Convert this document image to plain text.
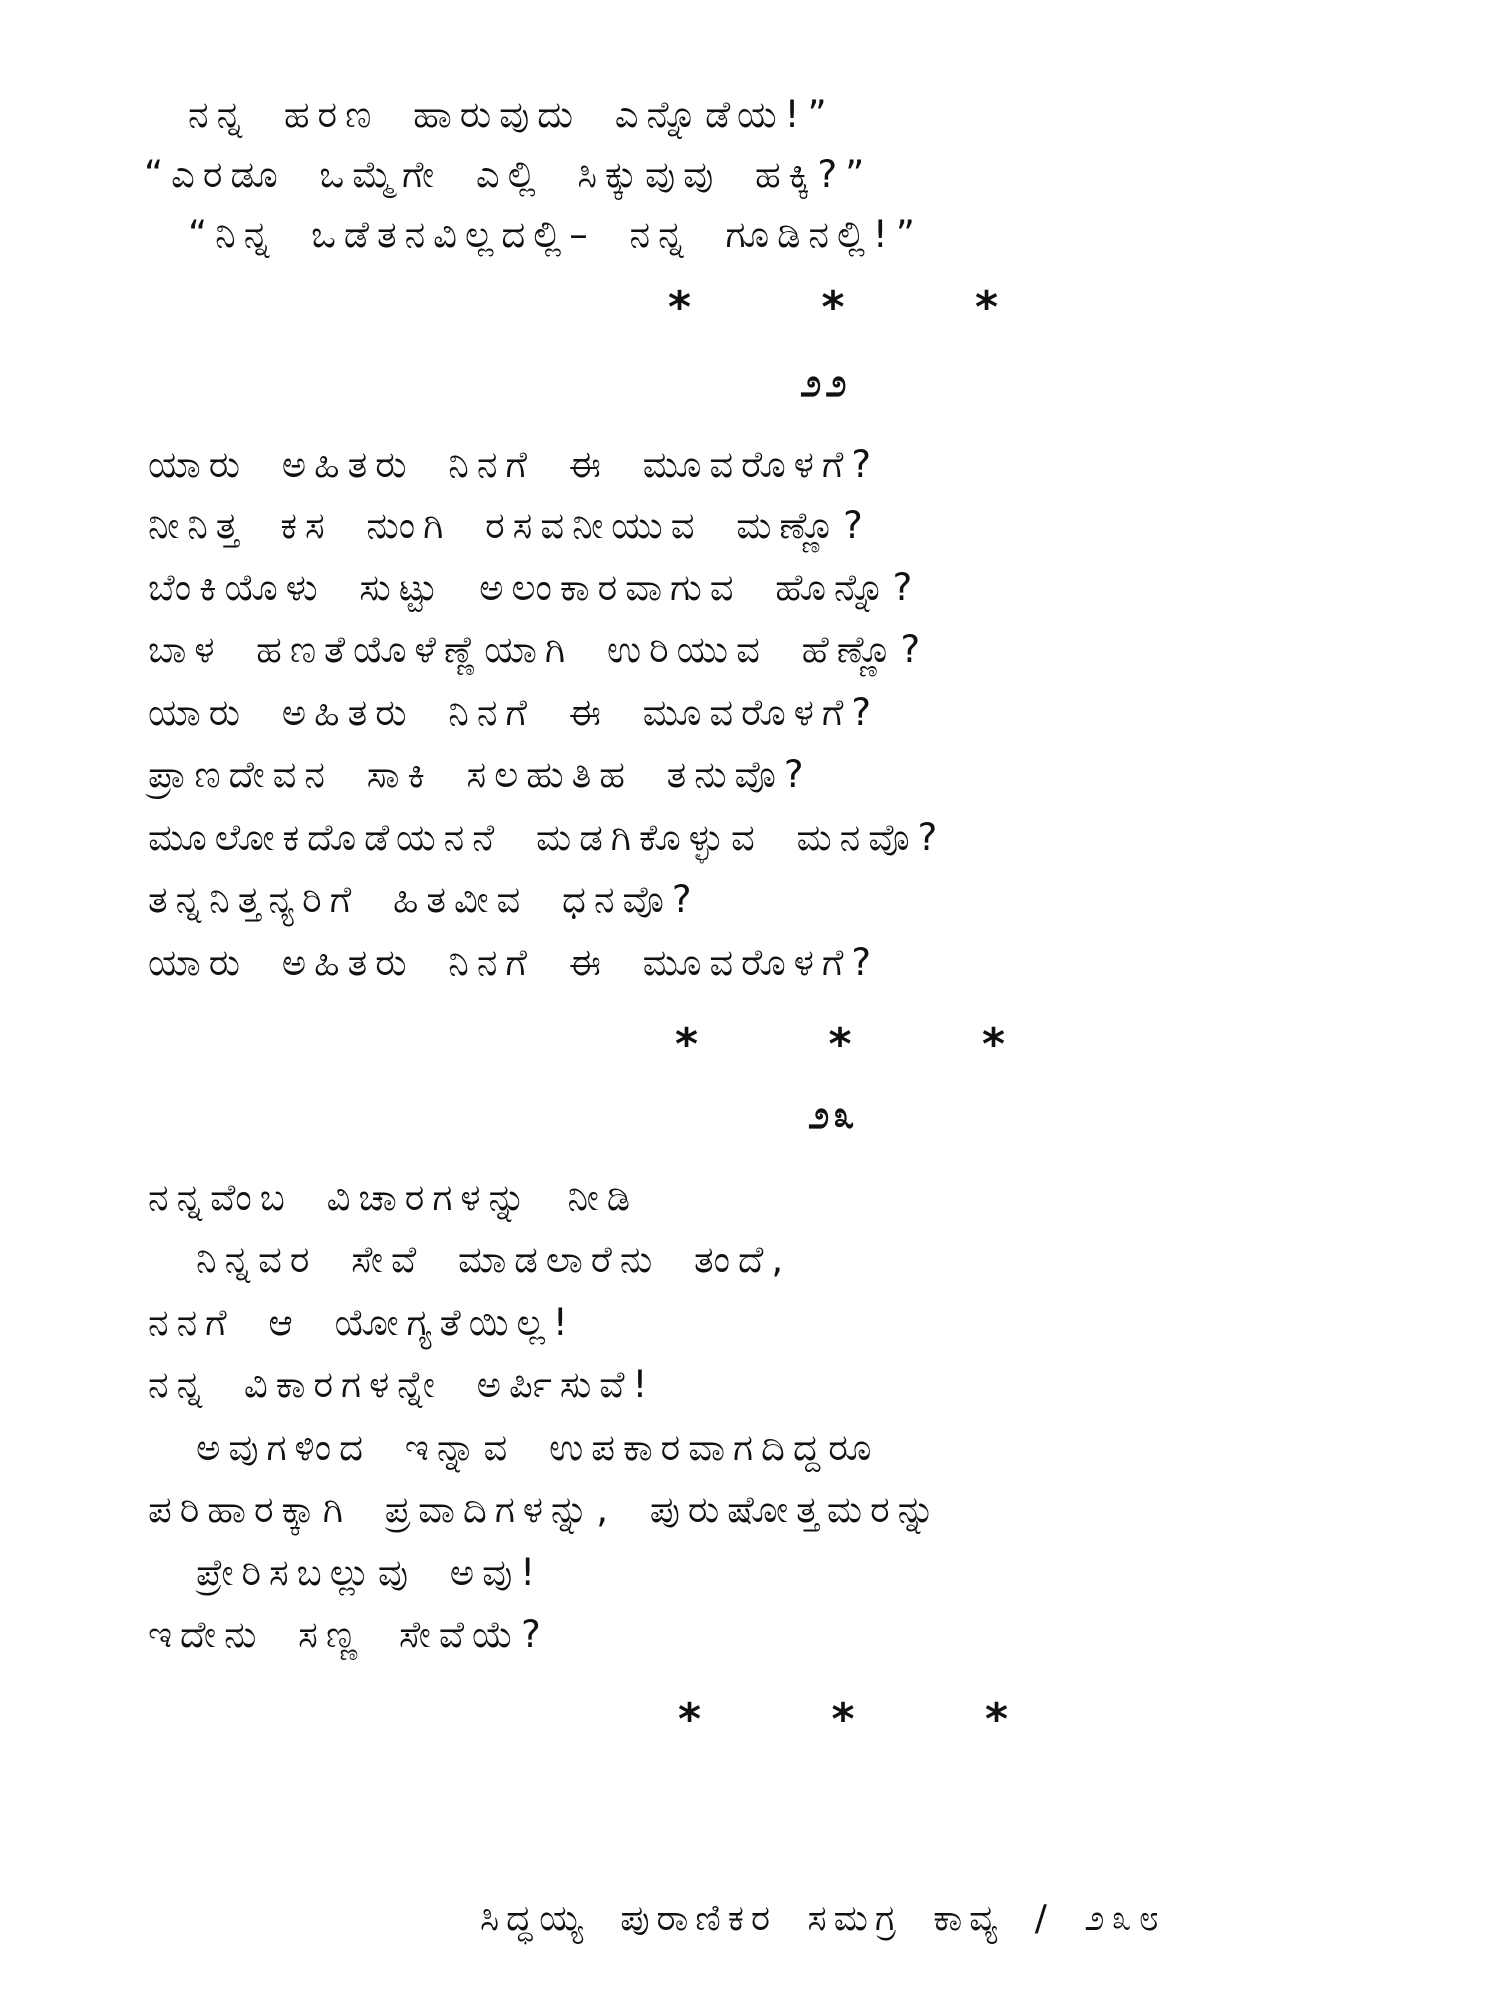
ನನ್ನ ಹರಣ ಹಾರುವುದು ಎನ್ನೊಡೆಯ!”
“ಎರಡೂ ಒಮ್ಮೆಗೇ ಎಲ್ಲಿ ಸಿಕ್ಕುವುವು ಹಕ್ಕಿ?”
“ನಿನ್ನ ಒಡೆತನವಿಲ್ಲದಲ್ಲಿ– ನನ್ನ ಗೂಡಿನಲ್ಲಿ!”
*	*	*
೨೨
ಯಾರು ಅಹಿತರು ನಿನಗೆ ಈ ಮೂವರೊಳಗೆ?
ನೀನಿತ್ತ ಕಸ ನುಂಗಿ ರಸವನೀಯುವ ಮಣ್ಣೊ?
ಬೆಂಕಿಯೊಳು ಸುಟ್ಟು ಅಲಂಕಾರವಾಗುವ ಹೊನ್ನೊ?
ಬಾಳ ಹಣತೆಯೊಳೆಣ್ಣೆಯಾಗಿ ಉರಿಯುವ ಹೆಣ್ಣೊ?
ಯಾರು ಅಹಿತರು ನಿನಗೆ ಈ ಮೂವರೊಳಗೆ?
ಪ್ರಾಣದೇವನ ಸಾಕಿ ಸಲಹುತಿಹ ತನುವೊ?
ಮೂಲೋಕದೊಡೆಯನನೆ ಮಡಗಿಕೊಳ್ಳುವ ಮನವೊ?
ತನ್ನನಿತ್ತನ್ಯರಿಗೆ ಹಿತವೀವ ಧನವೊ?
ಯಾರು ಅಹಿತರು ನಿನಗೆ ಈ ಮೂವರೊಳಗೆ?
*	*	*
೨೩
ನನ್ನವೆಂಬ ವಿಚಾರಗಳನ್ನು ನೀಡಿ
ನಿನ್ನವರ ಸೇವೆ ಮಾಡಲಾರೆನು ತಂದೆ,
ನನಗೆ ಆ ಯೋಗ್ಯತೆಯಿಲ್ಲ!
ನನ್ನ ವಿಕಾರಗಳನ್ನೇ ಅರ್ಪಿಸುವೆ!
ಅವುಗಳಿಂದ ಇನ್ನಾವ ಉಪಕಾರವಾಗದಿದ್ದರೂ
ಪರಿಹಾರಕ್ಕಾಗಿ ಪ್ರವಾದಿಗಳನ್ನು, ಪುರುಷೋತ್ತಮರನ್ನು
ಪ್ರೇರಿಸಬಲ್ಲುವು ಅವು!
ಇದೇನು ಸಣ್ಣ ಸೇವೆಯೆ?
*	*	*
ಸಿದ್ಧಯ್ಯ ಪುರಾಣಿಕರ ಸಮಗ್ರ ಕಾವ್ಯ / ೨೩೮
